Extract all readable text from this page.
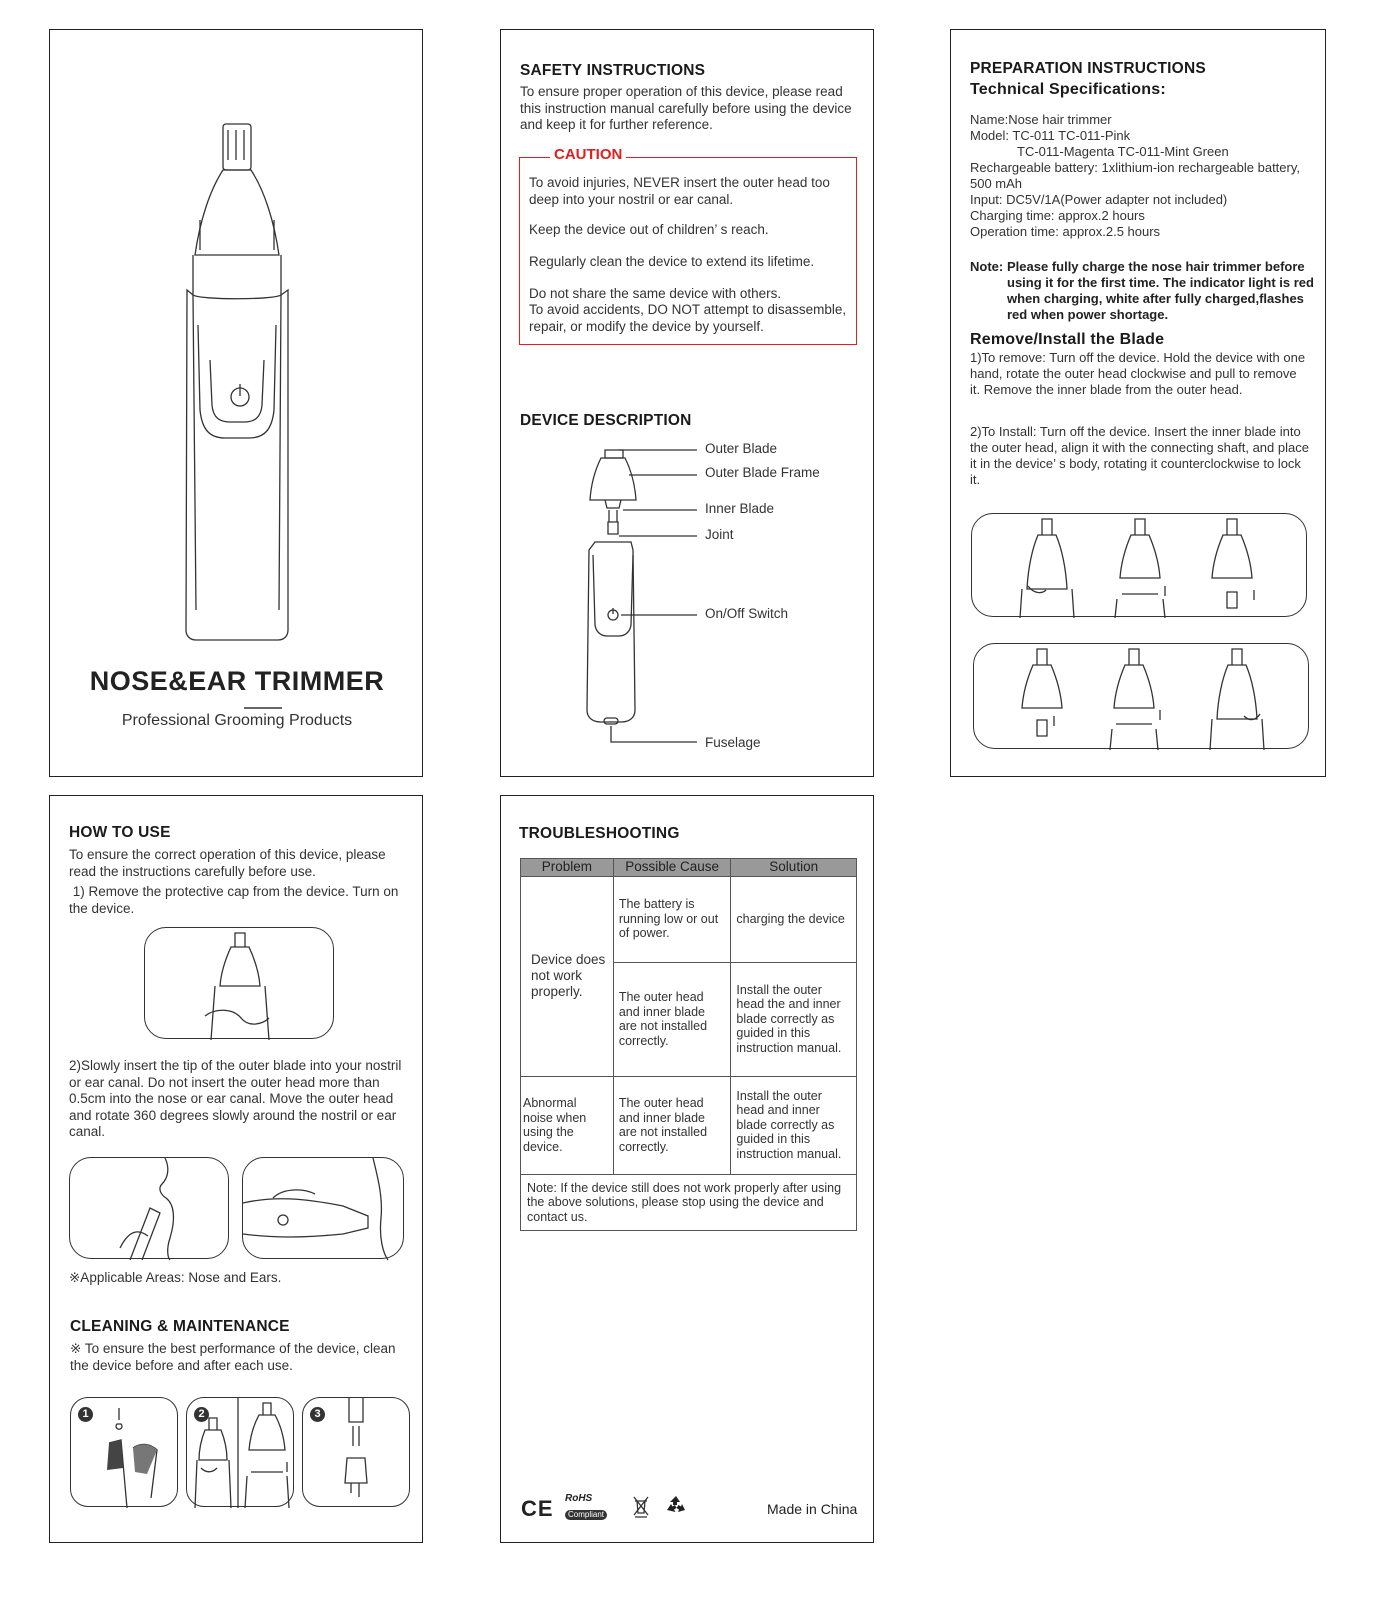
NOSE&EAR TRIMMER
Professional Grooming Products

SAFETY INSTRUCTIONS

To ensure proper operation of this device, please read this instruction manual carefully before using the device and keep it for further reference.

CAUTION

To avoid injuries, NEVER insert the outer head too deep into your nostril or ear canal.

Keep the device out of children’ s reach.

Regularly clean the device to extend its lifetime.

Do not share the same device with others.

To avoid accidents, DO NOT attempt to disassemble, repair, or modify the device by yourself.

DEVICE DESCRIPTION

Outer Blade
Outer Blade Frame
Inner Blade
Joint
On/Off Switch
Fuselage

PREPARATION INSTRUCTIONS

Technical Specifications:

Name:Nose hair trimmer
Model: TC-011 TC-011-Pink
TC-011-Magenta TC-011-Mint Green
Rechargeable battery: 1xlithium-ion rechargeable battery, 500 mAh
Input: DC5V/1A(Power adapter not included)
Charging time: approx.2 hours
Operation time: approx.2.5 hours
Note: Please fully charge the nose hair trimmer before using it for the first time. The indicator light is red when charging, white after fully charged,flashes red when power shortage.

Remove/Install the Blade

1)To remove: Turn off the device. Hold the device with one hand, rotate the outer head clockwise and pull to remove it. Remove the inner blade from the outer head.

2)To Install: Turn off the device. Insert the inner blade into the outer head, align it with the connecting shaft, and place it in the device’ s body, rotating it counterclockwise to lock it.

HOW TO USE

To ensure the correct operation of this device, please read the instructions carefully before use.

1) Remove the protective cap from the device. Turn on the device.

2)Slowly insert the tip of the outer blade into your nostril or ear canal. Do not insert the outer head more than 0.5cm into the nose or ear canal. Move the outer head and rotate 360 degrees slowly around the nostril or ear canal.

※Applicable Areas: Nose and Ears.

CLEANING & MAINTENANCE

※ To ensure the best performance of the device, clean the device before and after each use.

1	2	3

TROUBLESHOOTING

Problem	Possible Cause	Solution
Device does not work properly.	The battery is running low or out of power.	charging the device
	The outer head and inner blade are not installed correctly.	Install the outer head the and inner blade correctly as guided in this instruction manual.
Abnormal noise when using the device.	The outer head and inner blade are not installed correctly.	Install the outer head and inner blade correctly as guided in this instruction manual.
Note: If the device still does not work properly after using the above solutions, please stop using the device and contact us.		
CE RoHS
Compliant	Made in China
